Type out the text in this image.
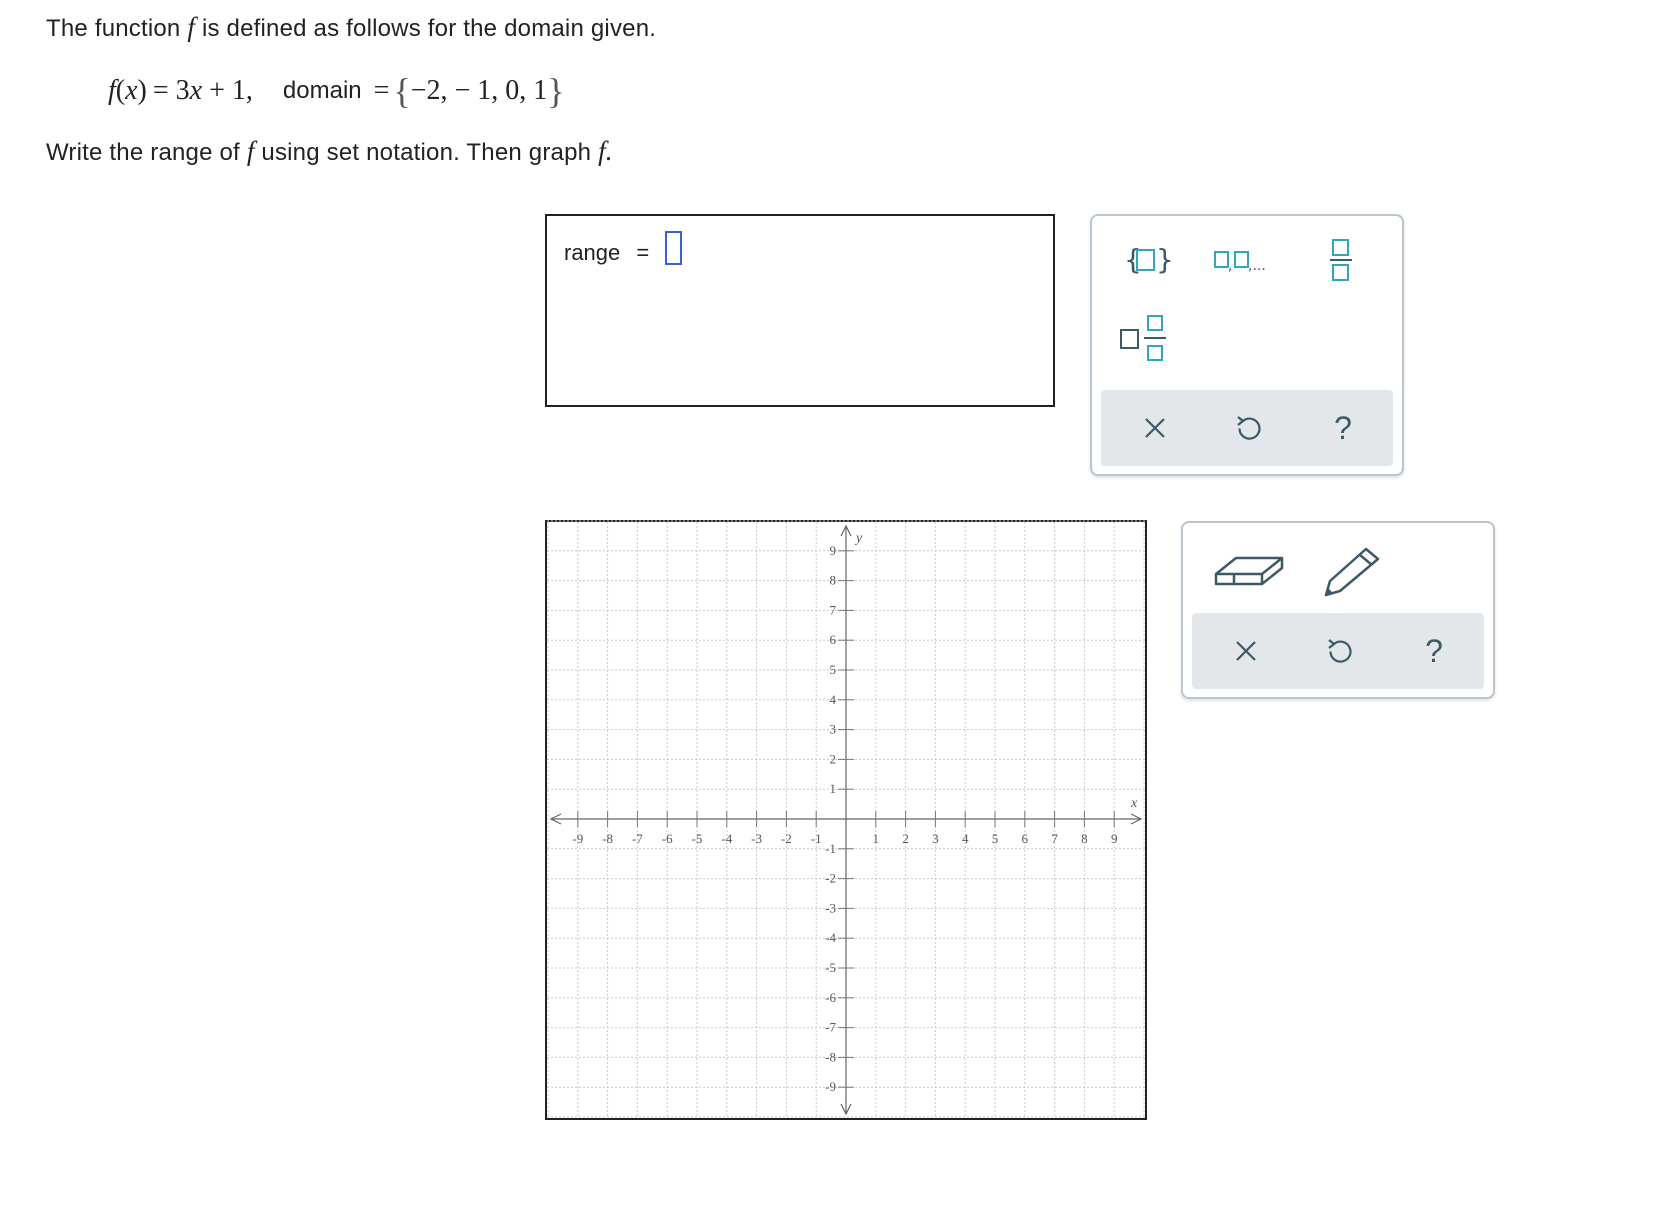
The function f is defined as follows for the domain given.
f(x) = 3x + 1, domain = { −2, − 1, 0, 1 }
Write the range of f using set notation. Then graph f.
range =	{ }	, ,...
?
?
-9 -8 -7 -6 -5 -4 -3 -2 -1	1 2 3 4 5 6 7 8 9
9
8
7
6
5
4
3
2
1
-1
-2
-3
-4
-5
-6
-7
-8
-9
x
y
